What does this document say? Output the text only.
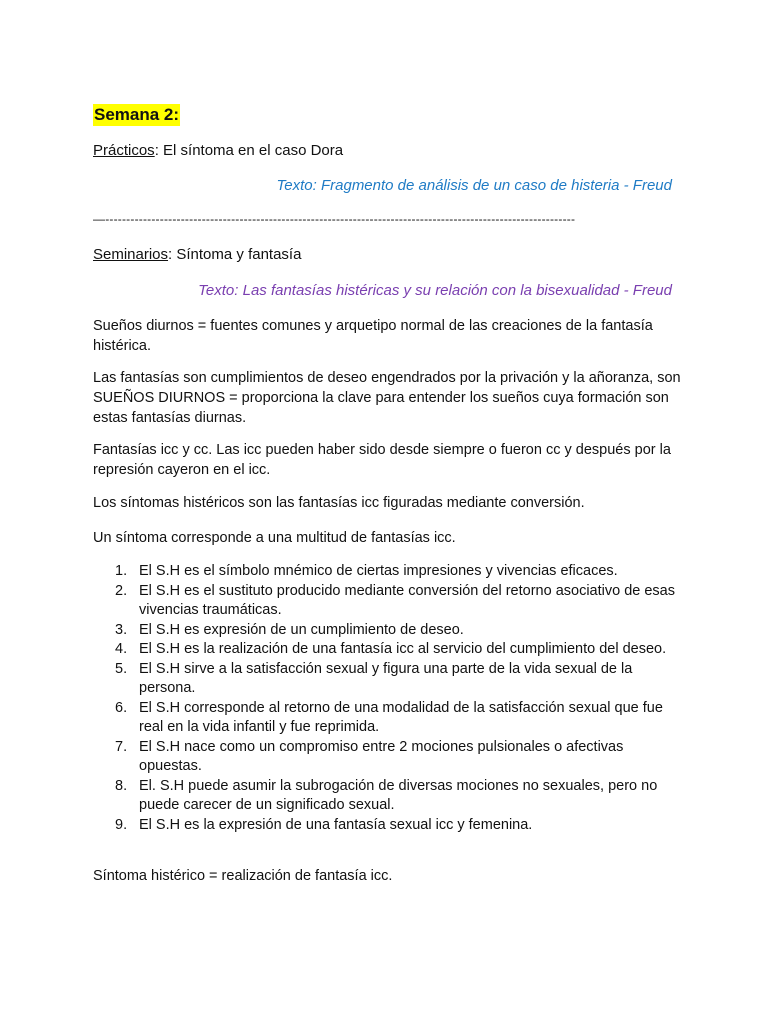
Semana 2:
Prácticos: El síntoma en el caso Dora
Texto: Fragmento de análisis de un caso de histeria - Freud
—----------------------------------------------------------------------------------------------------------------
Seminarios: Síntoma y fantasía
Texto: Las fantasías histéricas y su relación con la bisexualidad - Freud
Sueños diurnos = fuentes comunes y arquetipo normal de las creaciones de la fantasía histérica.
Las fantasías son cumplimientos de deseo engendrados por la privación y la añoranza, son SUEÑOS DIURNOS = proporciona la clave para entender los sueños cuya formación son estas fantasías diurnas.
Fantasías icc y cc. Las icc pueden haber sido desde siempre o fueron cc y después por la represión cayeron en el icc.
Los síntomas histéricos son las fantasías icc figuradas mediante conversión.
Un síntoma corresponde a una multitud de fantasías icc.
1. El S.H es el símbolo mnémico de ciertas impresiones y vivencias eficaces.
2. El S.H es el sustituto producido mediante conversión del retorno asociativo de esas vivencias traumáticas.
3. El S.H es expresión de un cumplimiento de deseo.
4. El S.H es la realización de una fantasía icc al servicio del cumplimiento del deseo.
5. El S.H sirve a la satisfacción sexual y figura una parte de la vida sexual de la persona.
6. El S.H corresponde al retorno de una modalidad de la satisfacción sexual que fue real en la vida infantil y fue reprimida.
7. El S.H nace como un compromiso entre 2 mociones pulsionales o afectivas opuestas.
8. El. S.H puede asumir la subrogación de diversas mociones no sexuales, pero no puede carecer de un significado sexual.
9. El S.H es la expresión de una fantasía sexual icc y femenina.
Síntoma histérico = realización de fantasía icc.
